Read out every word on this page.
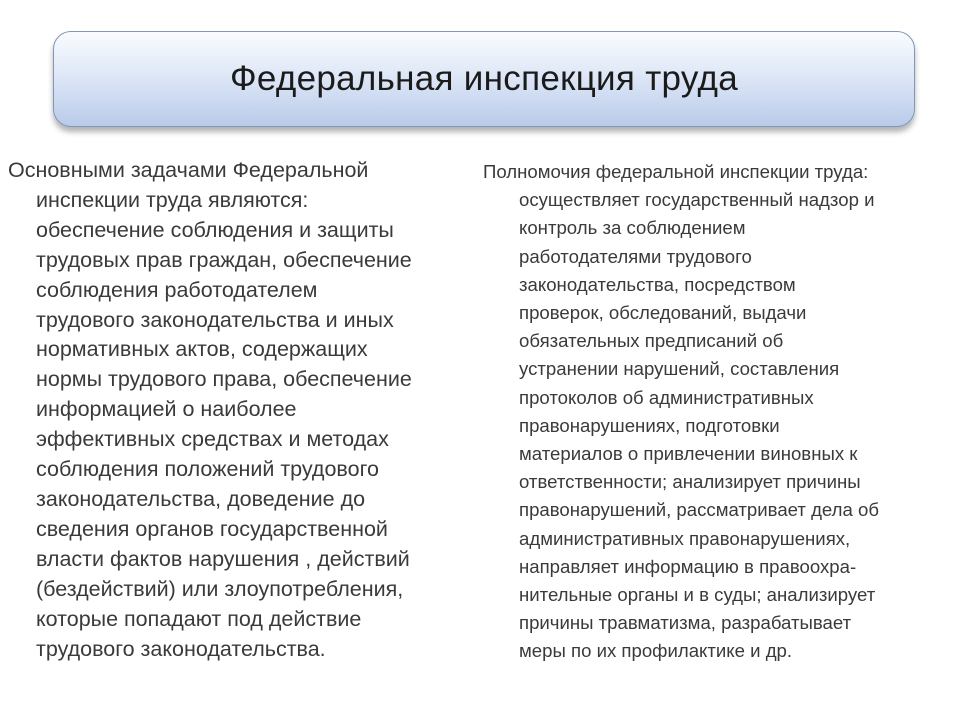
Федеральная инспекция труда
Основными задачами Федеральной
инспекции труда являются:
обеспечение соблюдения и защиты
трудовых прав граждан, обеспечение
соблюдения работодателем
трудового законодательства и иных
нормативных актов, содержащих
нормы трудового права, обеспечение
информацией о наиболее
эффективных средствах и методах
соблюдения положений трудового
законодательства, доведение до
сведения органов государственной
власти фактов нарушения , действий
(бездействий) или злоупотребления,
которые попадают под действие
трудового законодательства.
Полномочия федеральной инспекции труда:
осуществляет государственный надзор и
контроль за соблюдением
работодателями трудового
законодательства, посредством
проверок, обследований, выдачи
обязательных предписаний об
устранении нарушений, составления
протоколов об административных
правонарушениях, подготовки
материалов о привлечении виновных к
ответственности; анализирует причины
правонарушений, рассматривает дела об
административных правонарушениях,
направляет информацию в правоохра-
нительные органы и в суды; анализирует
причины травматизма, разрабатывает
меры по их профилактике и др.
